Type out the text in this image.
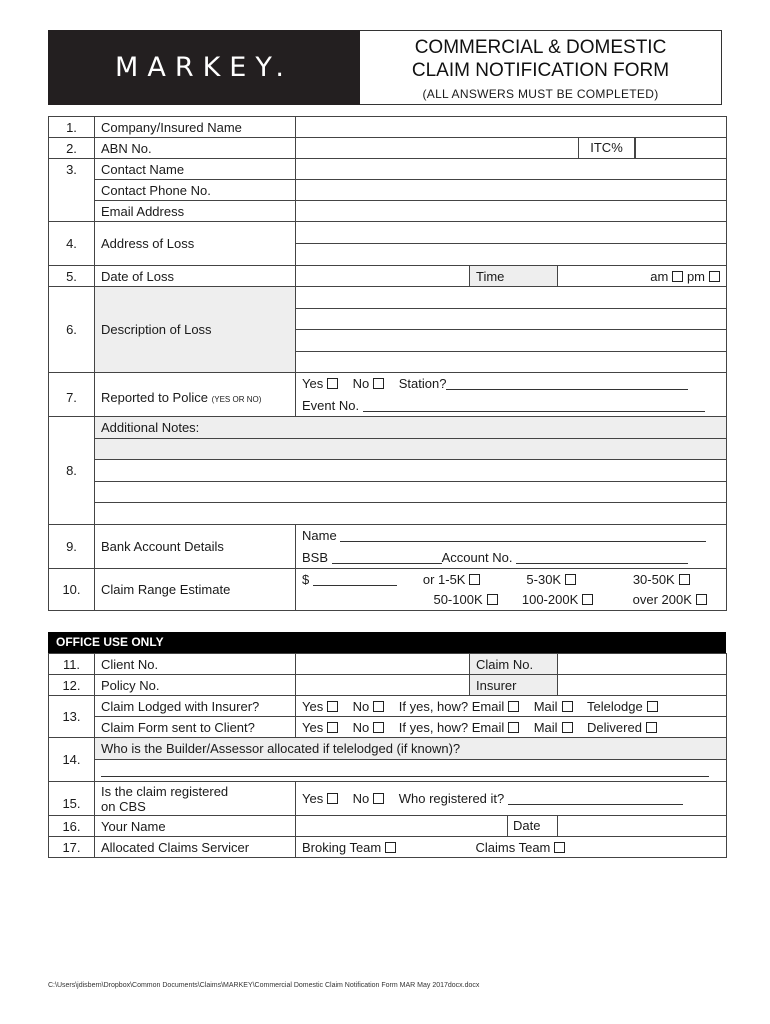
MARKEY.
COMMERCIAL & DOMESTIC
CLAIM NOTIFICATION FORM
(ALL ANSWERS MUST BE COMPLETED)
1.	Company/Insured Name				
2.	ABN No.	ITC%			

3.	Contact Name				
	Contact Phone No.				
	Email Address				
4.	Address of Loss				

5.	Date of Loss		Time	am pm	
6.	Description of Loss				

7.	Reported to Police (YES OR NO)	Yes No Station?			
		Event No.			
8.	Additional Notes:				

9.	Bank Account Details	Name			
		BSB Account No.			
10.	Claim Range Estimate	$ or 1-5K 5-30K 30-50K			
		50-100K 100-200K over 200K			
OFFICE USE ONLY
11.	Client No.		Claim No.	
12.	Policy No.		Insurer	
13.	Claim Lodged with Insurer?	Yes No If yes, how? Email Mail Telelodge		
	Claim Form sent to Client?	Yes No If yes, how? Email Mail Delivered		
14.	Who is the Builder/Assessor allocated if telelodged (if known)?			

15.	Is the claim registered
on CBS	Yes No Who registered it?		
16.	Your Name	Date		

17.	Allocated Claims Servicer	Broking Team Claims Team		
C:\Users\jdisbern\Dropbox\Common Documents\Claims\MARKEY\Commercial Domestic Claim Notification Form MAR May 2017docx.docx
